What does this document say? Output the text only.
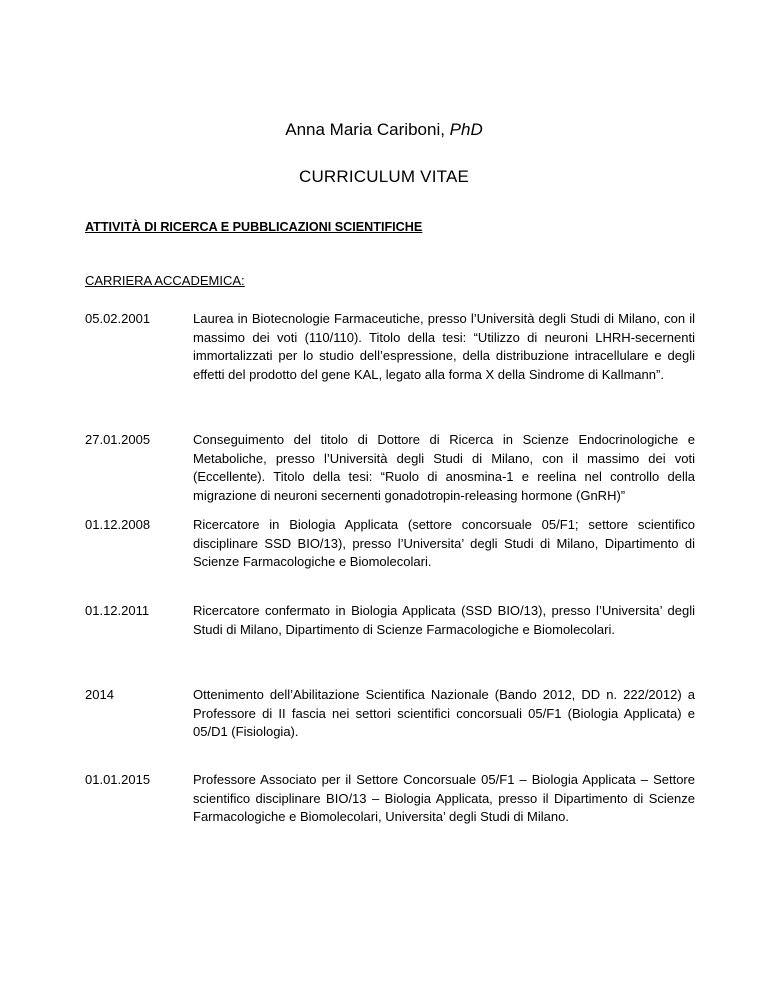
Anna Maria Cariboni, PhD
CURRICULUM VITAE
ATTIVITÀ DI RICERCA E PUBBLICAZIONI SCIENTIFICHE
CARRIERA ACCADEMICA:
05.02.2001	Laurea in Biotecnologie Farmaceutiche, presso l’Università degli Studi di Milano, con il massimo dei voti (110/110). Titolo della tesi: “Utilizzo di neuroni LHRH-secernenti immortalizzati per lo studio dell’espressione, della distribuzione intracellulare e degli effetti del prodotto del gene KAL, legato alla forma X della Sindrome di Kallmann”.
27.01.2005	Conseguimento del titolo di Dottore di Ricerca in Scienze Endocrinologiche e Metaboliche, presso l’Università degli Studi di Milano, con il massimo dei voti (Eccellente). Titolo della tesi: “Ruolo di anosmina-1 e reelina nel controllo della migrazione di neuroni secernenti gonadotropin-releasing hormone (GnRH)”
01.12.2008	Ricercatore in Biologia Applicata (settore concorsuale 05/F1; settore scientifico disciplinare SSD BIO/13), presso l’Universita’ degli Studi di Milano, Dipartimento di Scienze Farmacologiche e Biomolecolari.
01.12.2011	Ricercatore confermato in Biologia Applicata (SSD BIO/13), presso l’Universita’ degli Studi di Milano, Dipartimento di Scienze Farmacologiche e Biomolecolari.
2014	Ottenimento dell’Abilitazione Scientifica Nazionale (Bando 2012, DD n. 222/2012) a Professore di II fascia nei settori scientifici concorsuali 05/F1 (Biologia Applicata) e 05/D1 (Fisiologia).
01.01.2015	Professore Associato per il Settore Concorsuale 05/F1 – Biologia Applicata – Settore scientifico disciplinare BIO/13 – Biologia Applicata, presso il Dipartimento di Scienze Farmacologiche e Biomolecolari, Universita’ degli Studi di Milano.
